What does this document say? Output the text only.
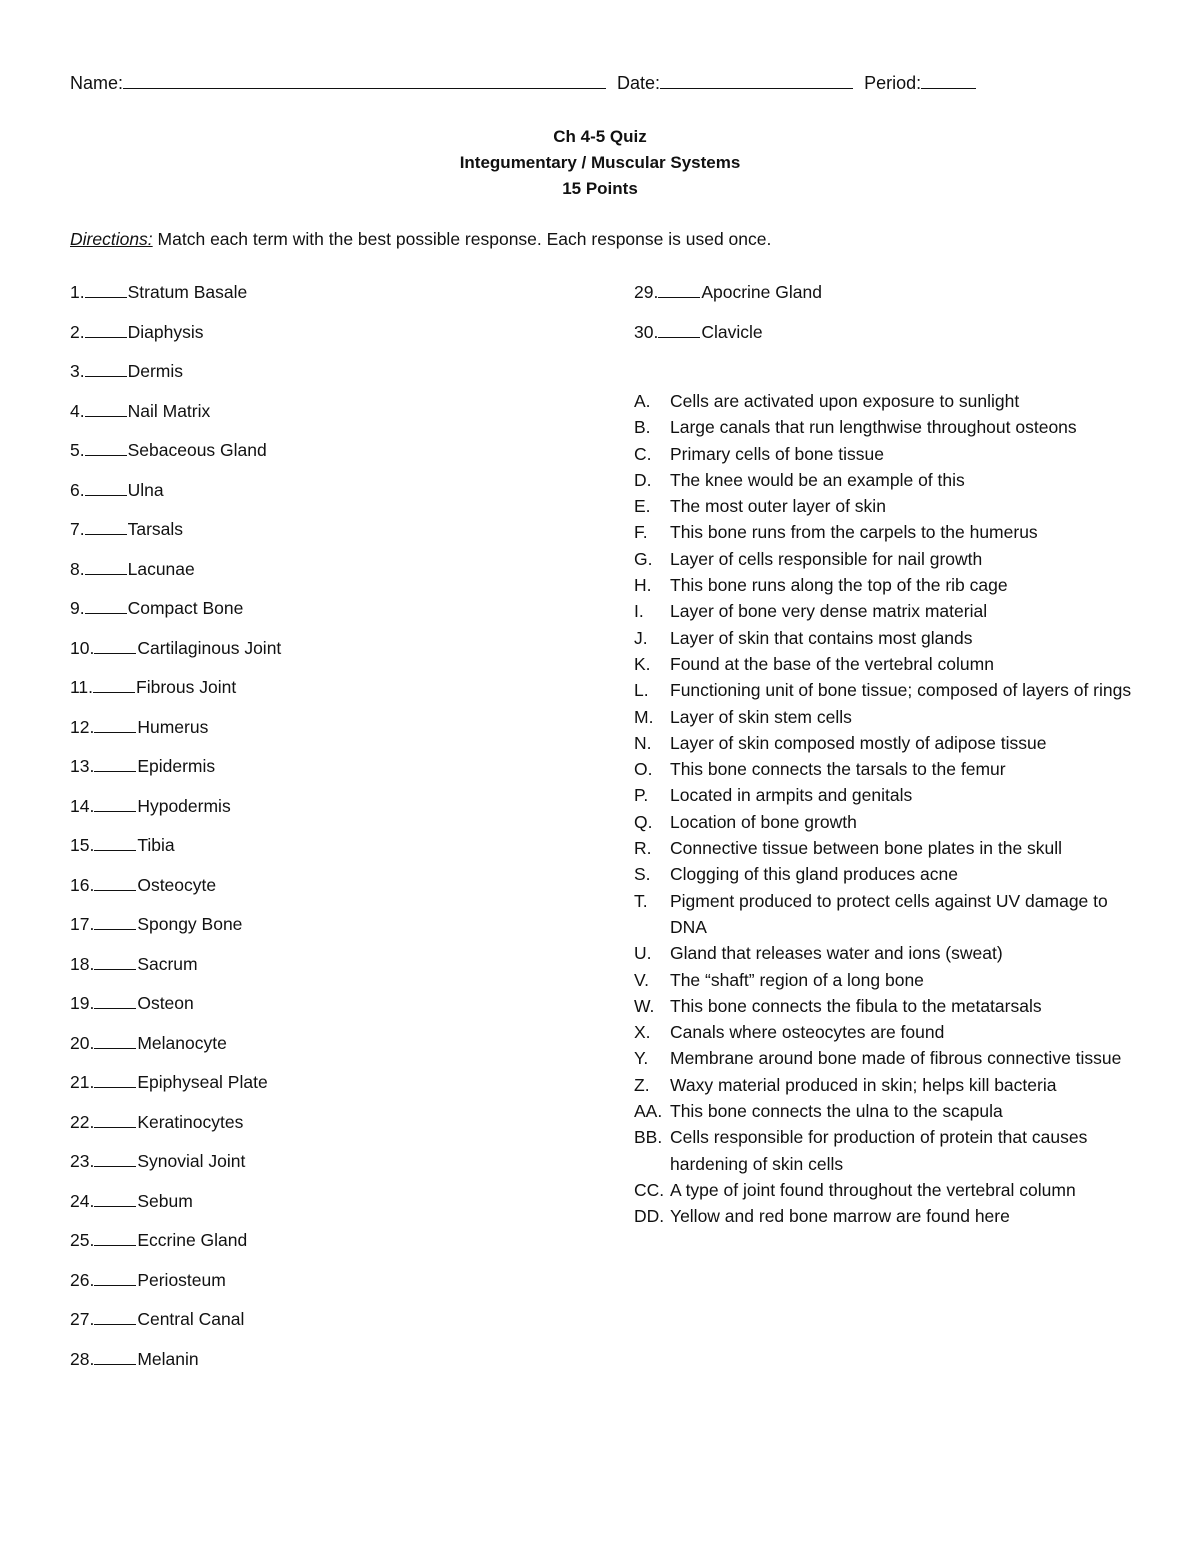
Name:	Date:	Period:
Ch 4-5 Quiz
Integumentary / Muscular Systems
15 Points
Directions: Match each term with the best possible response. Each response is used once.
1. Stratum Basale
2. Diaphysis
3. Dermis
4. Nail Matrix
5. Sebaceous Gland
6. Ulna
7. Tarsals
8. Lacunae
9. Compact Bone
10. Cartilaginous Joint
11. Fibrous Joint
12. Humerus
13. Epidermis
14. Hypodermis
15. Tibia
16. Osteocyte
17. Spongy Bone
18. Sacrum
19. Osteon
20. Melanocyte
21. Epiphyseal Plate
22. Keratinocytes
23. Synovial Joint
24. Sebum
25. Eccrine Gland
26. Periosteum
27. Central Canal
28. Melanin
29. Apocrine Gland
30. Clavicle
A.	Cells are activated upon exposure to sunlight
B.	Large canals that run lengthwise throughout osteons
C.	Primary cells of bone tissue
D.	The knee would be an example of this
E.	The most outer layer of skin
F.	This bone runs from the carpels to the humerus
G.	Layer of cells responsible for nail growth
H.	This bone runs along the top of the rib cage
I.	Layer of bone very dense matrix material
J.	Layer of skin that contains most glands
K.	Found at the base of the vertebral column
L.	Functioning unit of bone tissue; composed of layers of rings
M. Layer of skin stem cells
N.	Layer of skin composed mostly of adipose tissue
O.	This bone connects the tarsals to the femur
P.	Located in armpits and genitals
Q.	Location of bone growth
R.	Connective tissue between bone plates in the skull
S.	Clogging of this gland produces acne
T.	Pigment produced to protect cells against UV damage to DNA
U.	Gland that releases water and ions (sweat)
V.	The “shaft” region of a long bone
W. This bone connects the fibula to the metatarsals
X.	Canals where osteocytes are found
Y.	Membrane around bone made of fibrous connective tissue
Z.	Waxy material produced in skin; helps kill bacteria
AA. This bone connects the ulna to the scapula
BB. Cells responsible for production of protein that causes hardening of skin cells
CC. A type of joint found throughout the vertebral column
DD. Yellow and red bone marrow are found here
